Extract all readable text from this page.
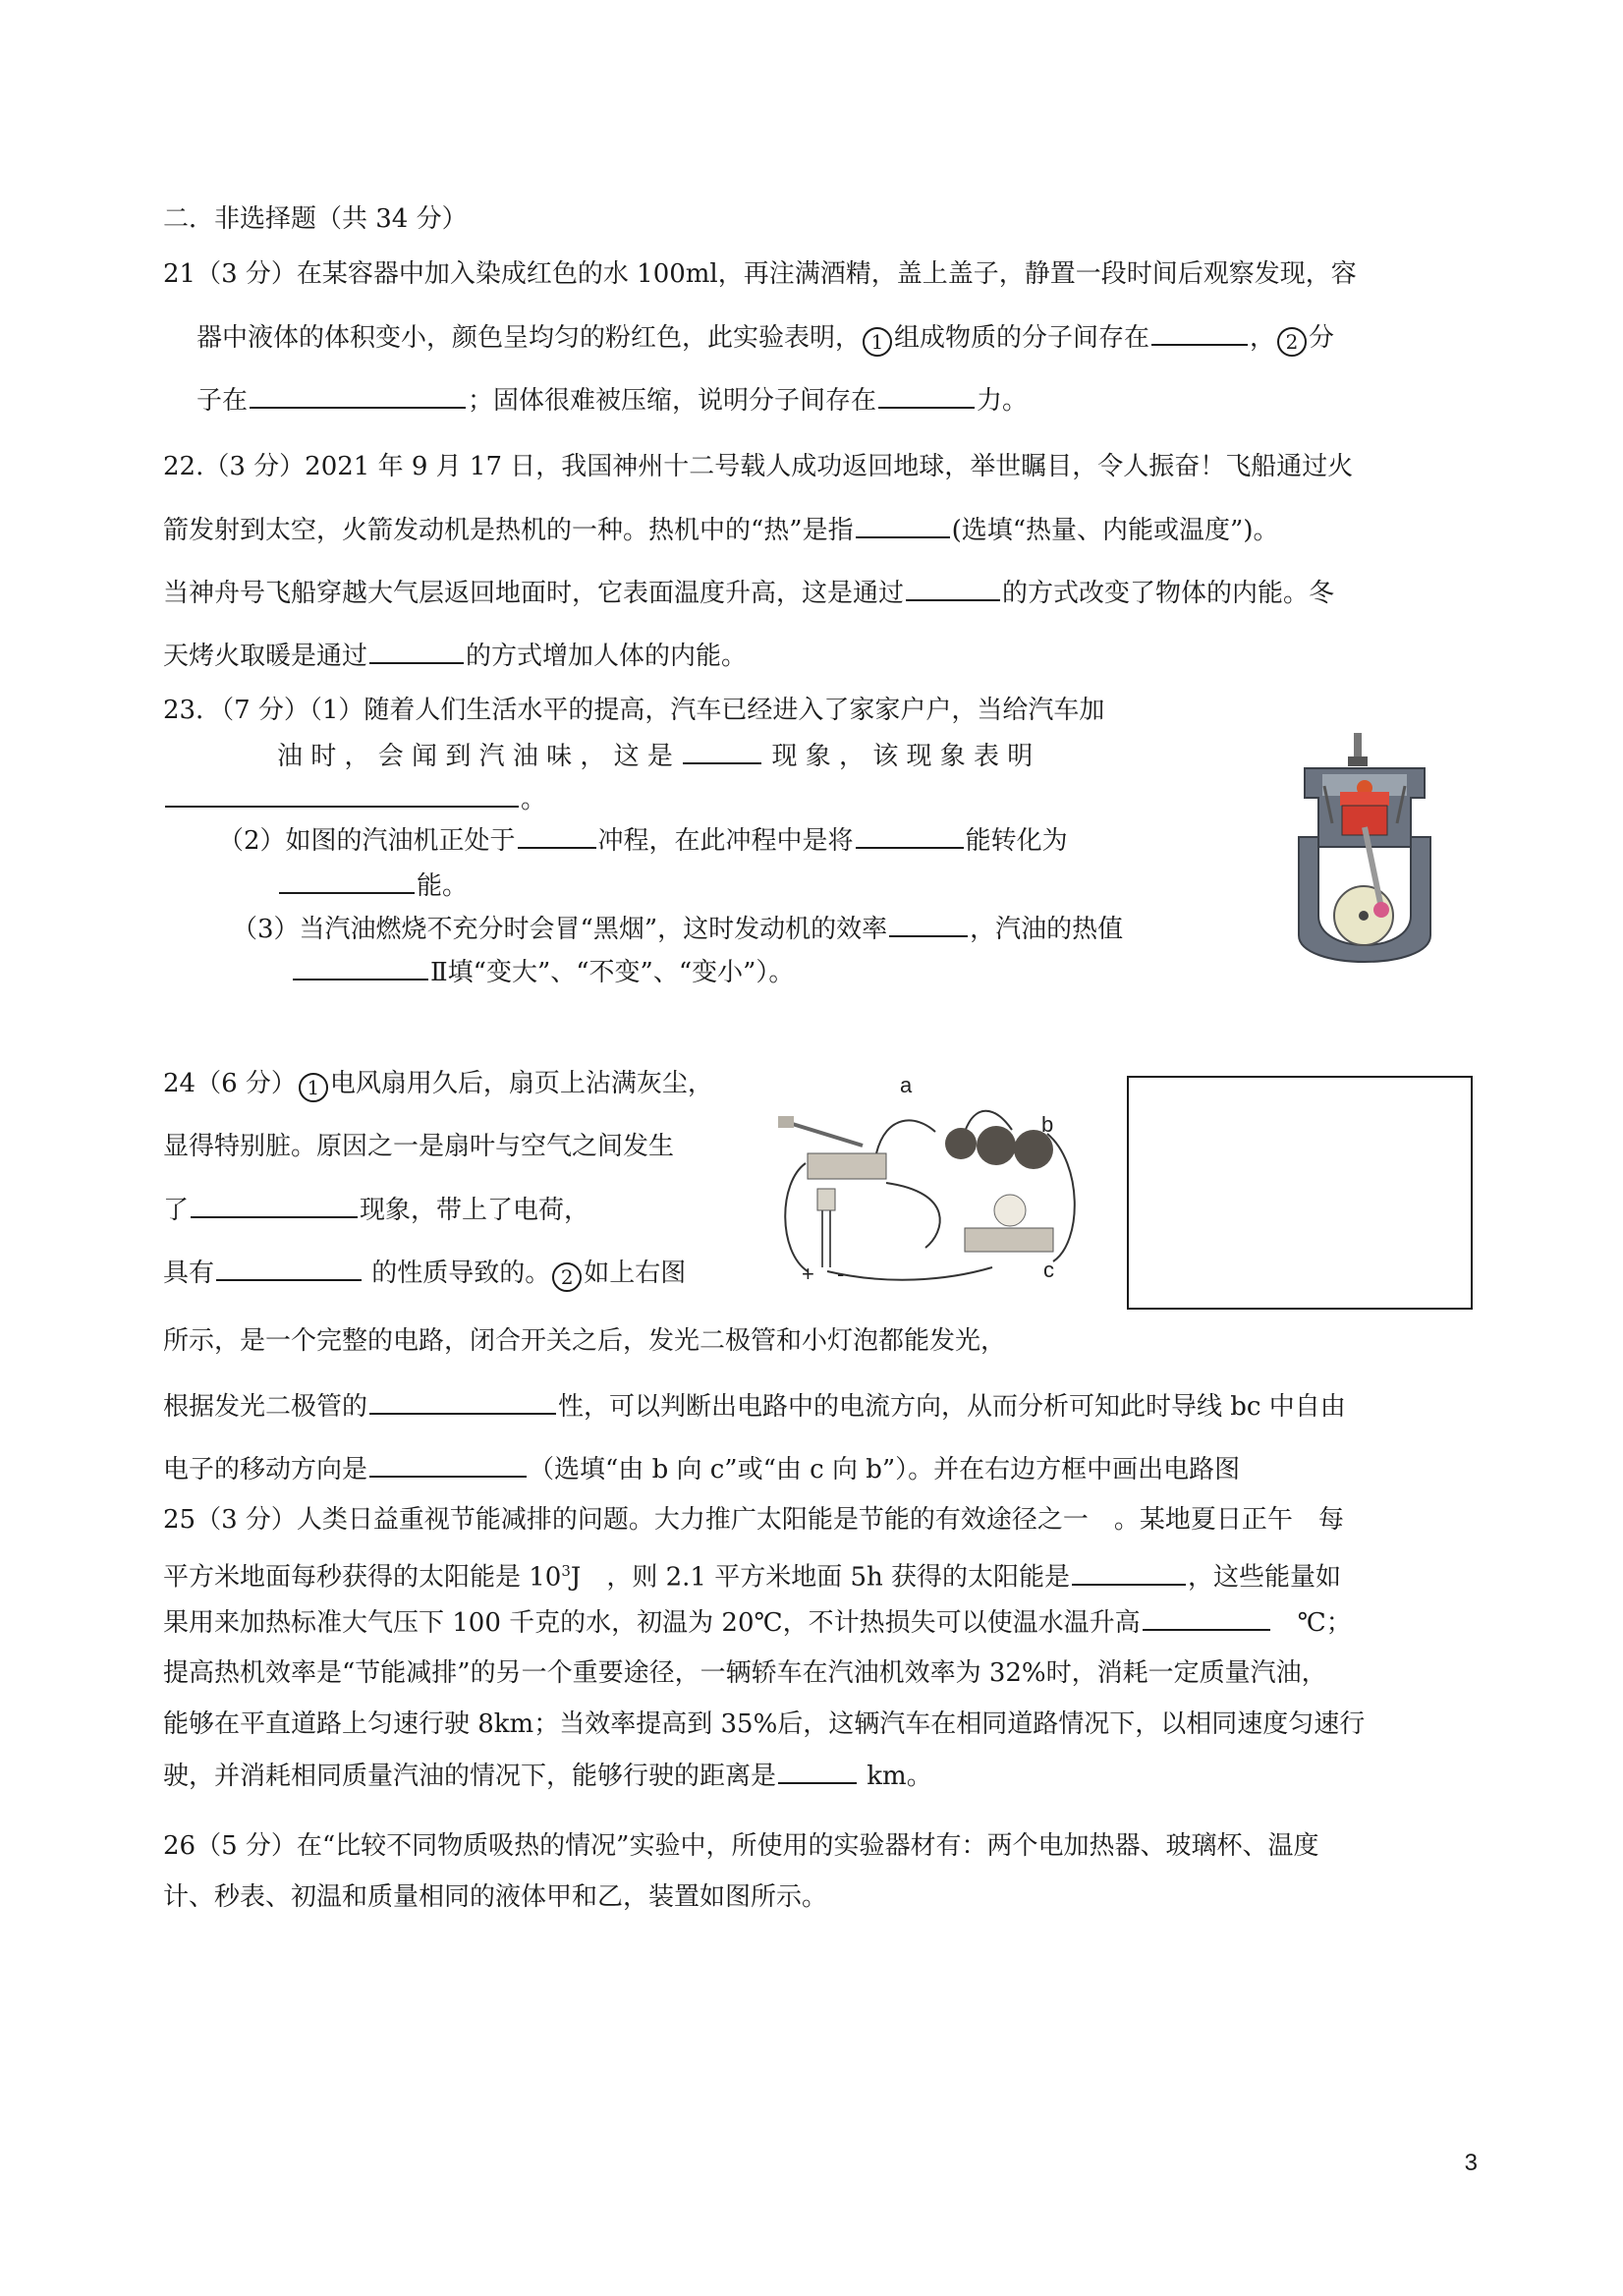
二．非选择题（共 34 分）
21（3 分）在某容器中加入染成红色的水 100ml，再注满酒精，盖上盖子，静置一段时间后观察发现，容
器中液体的体积变小，颜色呈均匀的粉红色，此实验表明， 1 组成物质的分子间存在	， 2 分
子在	；固体很难被压缩，说明分子间存在	力。
22.（3 分）2021 年 9 月 17 日，我国神州十二号载人成功返回地球，举世瞩目，令人振奋！飞船通过火
箭发射到太空，火箭发动机是热机的一种。热机中的“热”是指	(选填“热量、内能或温度”)。
当神舟号飞船穿越大气层返回地面时，它表面温度升高，这是通过	的方式改变了物体的内能。冬
天烤火取暖是通过	的方式增加人体的内能。
23．（7 分）（1）随着人们生活水平的提高，汽车已经进入了家家户户，当给汽车加
油 时 ， 会 闻 到 汽 油 味 ， 这 是	现 象 ， 该 现 象 表 明
。
（2）如图的汽油机正处于	冲程，在此冲程中是将	能转化为
能。
（3）当汽油燃烧不充分时会冒“黑烟”，这时发动机的效率	，汽油的热值
Ⅱ填“变大”、“不变”、“变小”）。
24（6 分） 1 电风扇用久后，扇页上沾满灰尘，
显得特别脏。原因之一是扇叶与空气之间发生
了	现象，带上了电荷，
具有	的性质导致的。 2 如上右图
所示，是一个完整的电路，闭合开关之后，发光二极管和小灯泡都能发光，
根据发光二极管的	性，可以判断出电路中的电流方向，从而分析可知此时导线 bc 中自由
电子的移动方向是	（选填“由 b 向 c”或“由 c 向 b”）。并在右边方框中画出电路图
a
b
c
+ -
25（3 分）人类日益重视节能减排的问题。大力推广太阳能是节能的有效途径之一　。某地夏日正午　每
平方米地面每秒获得的太阳能是 $10^3J$　，则 2.1 平方米地面 5h 获得的太阳能是	，这些能量如
果用来加热标准大气压下 100 千克的水，初温为 20℃，不计热损失可以使温水温升高　	℃；
提高热机效率是“节能减排”的另一个重要途径，一辆轿车在汽油机效率为 32%时，消耗一定质量汽油，
能够在平直道路上匀速行驶 8km；当效率提高到 35%后，这辆汽车在相同道路情况下，以相同速度匀速行
驶，并消耗相同质量汽油的情况下，能够行驶的距离是	km。
26（5 分）在“比较不同物质吸热的情况”实验中，所使用的实验器材有：两个电加热器、玻璃杯、温度
计、秒表、初温和质量相同的液体甲和乙，装置如图所示。
3
